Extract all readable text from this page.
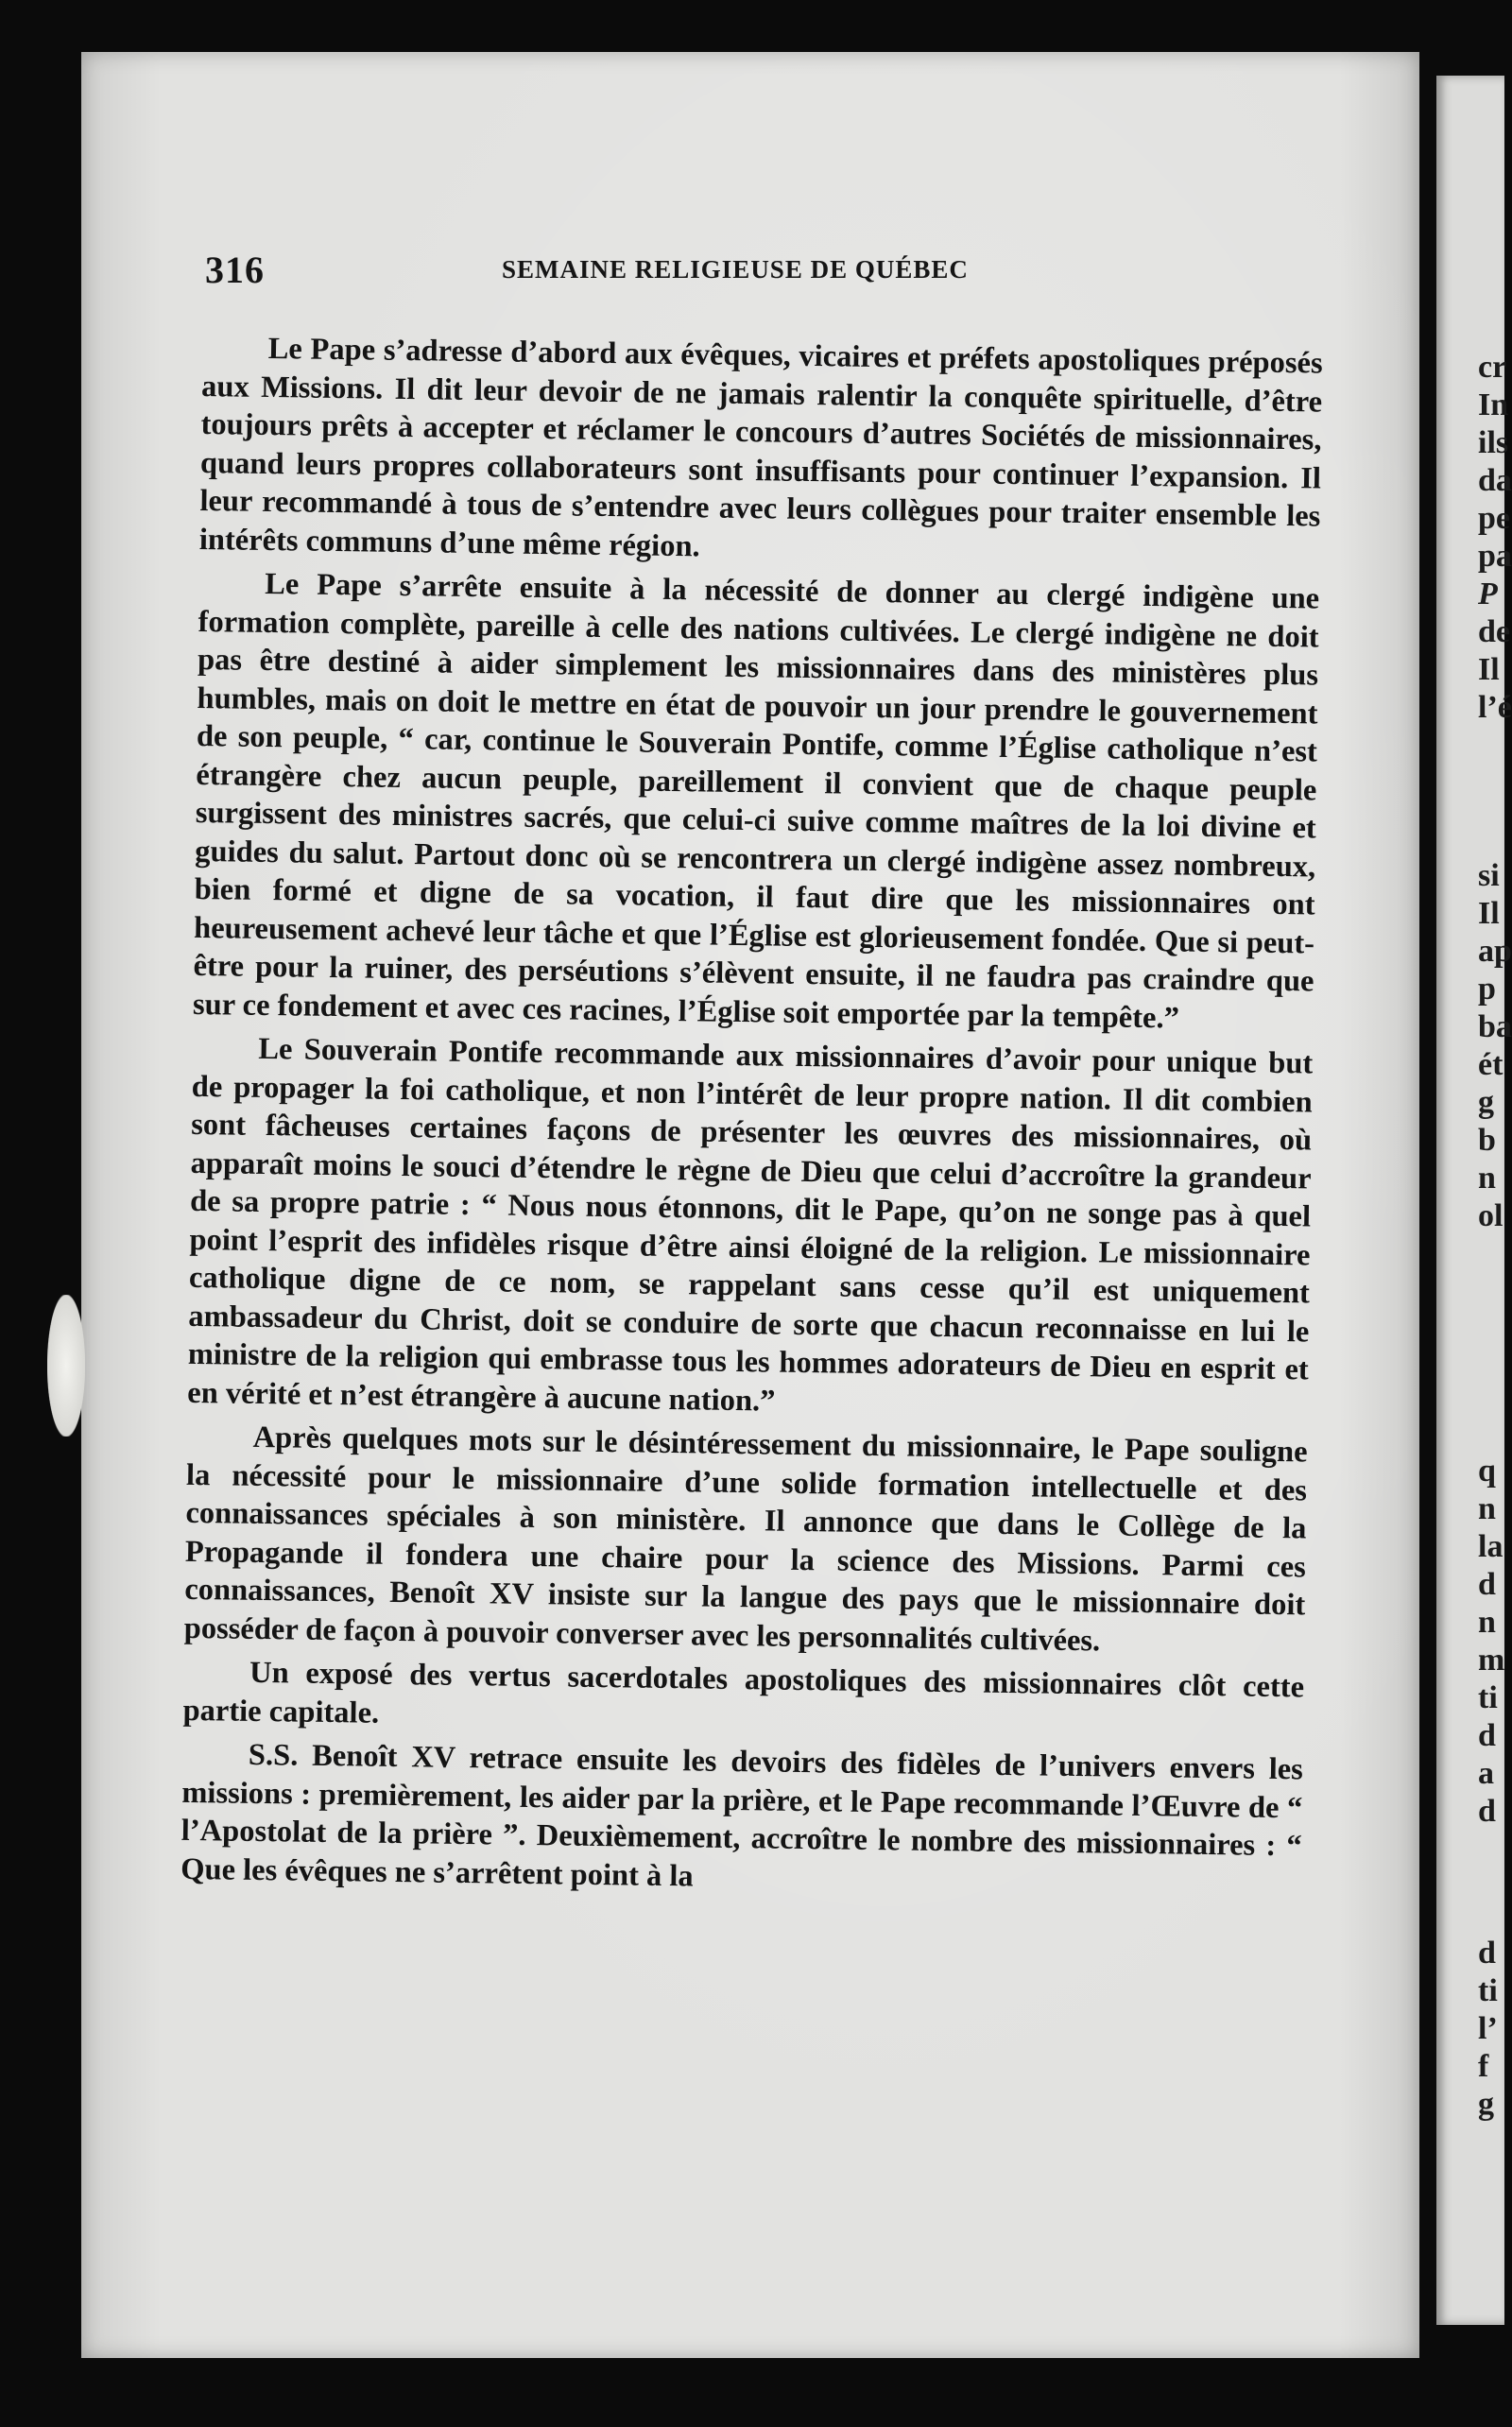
cr
In
ils
da
pe
pa
P
de
Il
l’é
si
Il
ap
p
ba
ét
g
b
n
ol
q
n
la
d
n
m
ti
d
a
d
d
ti
l’
f
g
316	SEMAINE RELIGIEUSE DE QUÉBEC

Le Pape s’adresse d’abord aux évêques, vicaires et préfets apostoliques préposés aux Missions. Il dit leur devoir de ne jamais ralentir la conquête spirituelle, d’être toujours prêts à accepter et réclamer le concours d’autres Sociétés de missionnaires, quand leurs propres collaborateurs sont insuffisants pour continuer l’expansion. Il leur recommandé à tous de s’entendre avec leurs collègues pour traiter ensemble les intérêts communs d’une même région.

Le Pape s’arrête ensuite à la nécessité de donner au clergé indigène une formation complète, pareille à celle des nations cultivées. Le clergé indigène ne doit pas être destiné à aider simplement les missionnaires dans des ministères plus humbles, mais on doit le mettre en état de pouvoir un jour prendre le gouvernement de son peuple, “ car, continue le Souverain Pontife, comme l’Église catholique n’est étrangère chez aucun peuple, pareillement il convient que de chaque peuple surgissent des ministres sacrés, que celui-ci suive comme maîtres de la loi divine et guides du salut. Partout donc où se rencontrera un clergé indigène assez nombreux, bien formé et digne de sa vocation, il faut dire que les missionnaires ont heureusement achevé leur tâche et que l’Église est glorieusement fondée. Que si peut-être pour la ruiner, des perséutions s’élèvent ensuite, il ne faudra pas craindre que sur ce fondement et avec ces racines, l’Église soit emportée par la tempête.”

Le Souverain Pontife recommande aux missionnaires d’avoir pour unique but de propager la foi catholique, et non l’intérêt de leur propre nation. Il dit combien sont fâcheuses certaines façons de présenter les œuvres des missionnaires, où apparaît moins le souci d’étendre le règne de Dieu que celui d’accroître la grandeur de sa propre patrie : “ Nous nous étonnons, dit le Pape, qu’on ne songe pas à quel point l’esprit des infidèles risque d’être ainsi éloigné de la religion. Le missionnaire catholique digne de ce nom, se rappelant sans cesse qu’il est uniquement ambassadeur du Christ, doit se conduire de sorte que chacun reconnaisse en lui le ministre de la religion qui embrasse tous les hommes adorateurs de Dieu en esprit et en vérité et n’est étrangère à aucune nation.”

Après quelques mots sur le désintéressement du missionnaire, le Pape souligne la nécessité pour le missionnaire d’une solide formation intellectuelle et des connaissances spéciales à son ministère. Il annonce que dans le Collège de la Propagande il fondera une chaire pour la science des Missions. Parmi ces connaissances, Benoît XV insiste sur la langue des pays que le missionnaire doit posséder de façon à pouvoir converser avec les personnalités cultivées.

Un exposé des vertus sacerdotales apostoliques des missionnaires clôt cette partie capitale.

S.S. Benoît XV retrace ensuite les devoirs des fidèles de l’univers envers les missions : premièrement, les aider par la prière, et le Pape recommande l’Œuvre de “ l’Apostolat de la prière ”. Deuxièmement, accroître le nombre des missionnaires : “ Que les évêques ne s’arrêtent point à la
